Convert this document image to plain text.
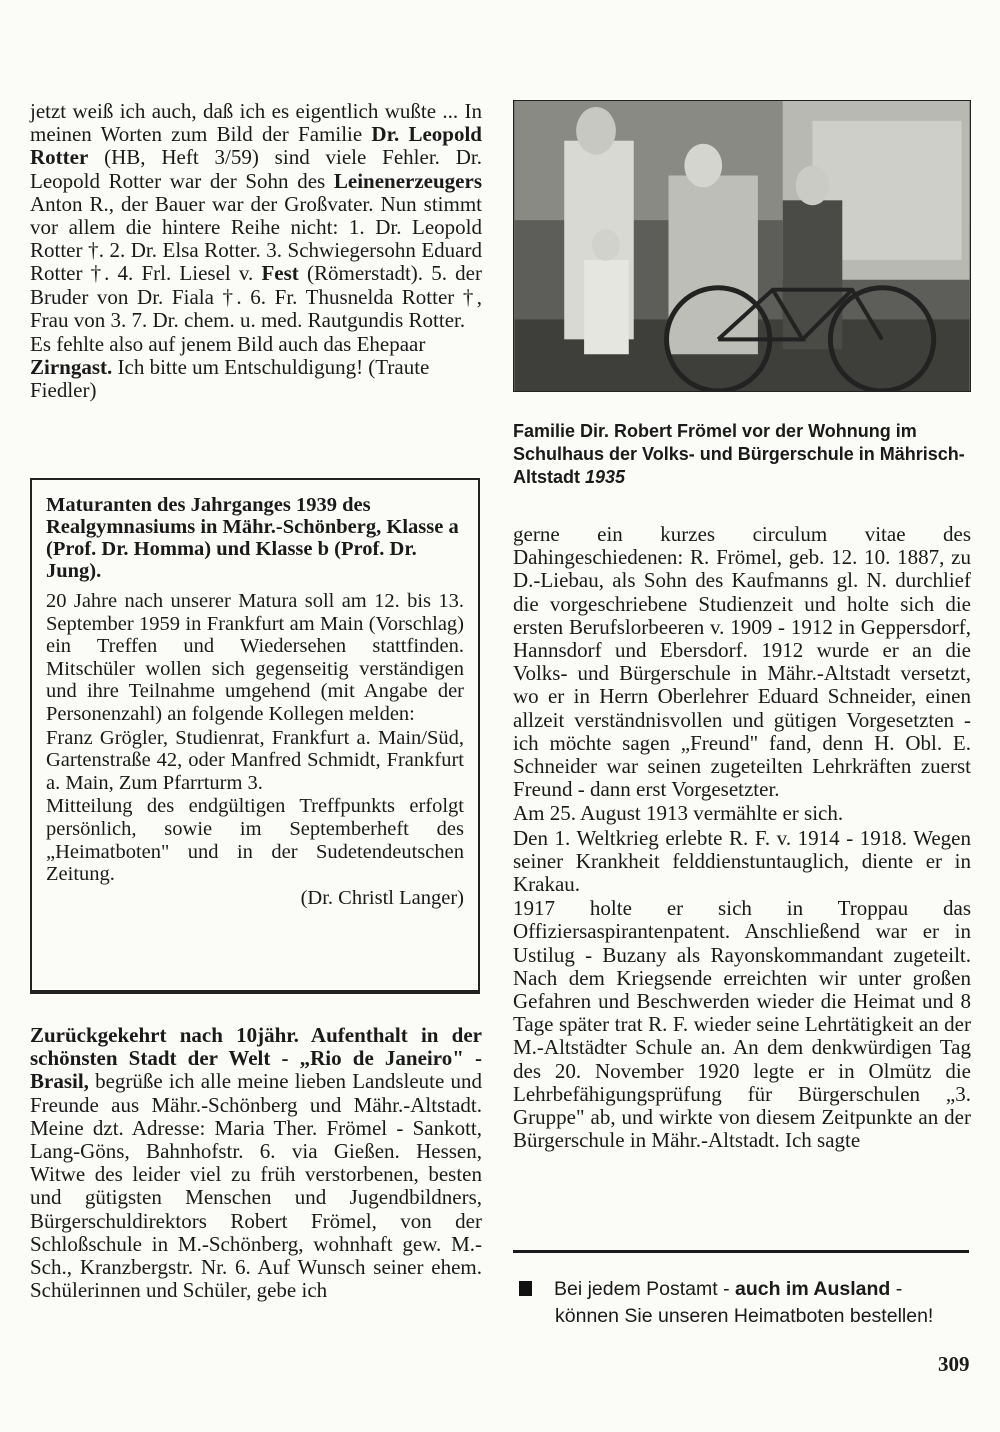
jetzt weiß ich auch, daß ich es eigentlich wußte ... In meinen Worten zum Bild der Familie Dr. Leopold Rotter (HB, Heft 3/59) sind viele Fehler. Dr. Leopold Rotter war der Sohn des Leinenerzeugers Anton R., der Bauer war der Großvater. Nun stimmt vor allem die hintere Reihe nicht: 1. Dr. Leopold Rotter †. 2. Dr. Elsa Rotter. 3. Schwiegersohn Eduard Rotter †. 4. Frl. Liesel v. Fest (Römerstadt). 5. der Bruder von Dr. Fiala †. 6. Fr. Thusnelda Rotter †, Frau von 3. 7. Dr. chem. u. med. Rautgundis Rotter.

Es fehlte also auf jenem Bild auch das Ehepaar Zirngast. Ich bitte um Entschuldigung! (Traute Fiedler)

Maturanten des Jahrganges 1939 des Realgymnasiums in Mähr.-Schönberg, Klasse a (Prof. Dr. Homma) und Klasse b (Prof. Dr. Jung).

20 Jahre nach unserer Matura soll am 12. bis 13. September 1959 in Frankfurt am Main (Vorschlag) ein Treffen und Wiedersehen stattfinden. Mitschüler wollen sich gegenseitig verständigen und ihre Teilnahme umgehend (mit Angabe der Personenzahl) an folgende Kollegen melden:

Franz Grögler, Studienrat, Frankfurt a. Main/Süd, Gartenstraße 42, oder Manfred Schmidt, Frankfurt a. Main, Zum Pfarrturm 3.

Mitteilung des endgültigen Treffpunkts erfolgt persönlich, sowie im Septemberheft des „Heimatboten" und in der Sudetendeutschen Zeitung.

(Dr. Christl Langer)

Zurückgekehrt nach 10jähr. Aufenthalt in der schönsten Stadt der Welt - „Rio de Janeiro" - Brasil, begrüße ich alle meine lieben Landsleute und Freunde aus Mähr.-Schönberg und Mähr.-Altstadt. Meine dzt. Adresse: Maria Ther. Frömel - Sankott, Lang-Göns, Bahnhofstr. 6. via Gießen. Hessen, Witwe des leider viel zu früh verstorbenen, besten und gütigsten Menschen und Jugendbildners, Bürgerschuldirektors Robert Frömel, von der Schloßschule in M.-Schönberg, wohnhaft gew. M.-Sch., Kranzbergstr. Nr. 6. Auf Wunsch seiner ehem. Schülerinnen und Schüler, gebe ich

Familie Dir. Robert Frömel vor der Wohnung im Schulhaus der Volks- und Bürgerschule in Mährisch-Altstadt 1935

gerne ein kurzes circulum vitae des Dahingeschiedenen: R. Frömel, geb. 12. 10. 1887, zu D.-Liebau, als Sohn des Kaufmanns gl. N. durchlief die vorgeschriebene Studienzeit und holte sich die ersten Berufslorbeeren v. 1909 - 1912 in Geppersdorf, Hannsdorf und Ebersdorf. 1912 wurde er an die Volks- und Bürgerschule in Mähr.-Altstadt versetzt, wo er in Herrn Oberlehrer Eduard Schneider, einen allzeit verständnisvollen und gütigen Vorgesetzten - ich möchte sagen „Freund" fand, denn H. Obl. E. Schneider war seinen zugeteilten Lehrkräften zuerst Freund - dann erst Vorgesetzter.

Am 25. August 1913 vermählte er sich.

Den 1. Weltkrieg erlebte R. F. v. 1914 - 1918. Wegen seiner Krankheit felddienstuntauglich, diente er in Krakau.

1917 holte er sich in Troppau das Offiziersaspirantenpatent. Anschließend war er in Ustilug - Buzany als Rayonskommandant zugeteilt. Nach dem Kriegsende erreichten wir unter großen Gefahren und Beschwerden wieder die Heimat und 8 Tage später trat R. F. wieder seine Lehrtätigkeit an der M.-Altstädter Schule an. An dem denkwürdigen Tag des 20. November 1920 legte er in Olmütz die Lehrbefähigungsprüfung für Bürgerschulen „3. Gruppe" ab, und wirkte von diesem Zeitpunkte an der Bürgerschule in Mähr.-Altstadt. Ich sagte

Bei jedem Postamt - auch im Ausland -
können Sie unseren Heimatboten bestellen!
309
